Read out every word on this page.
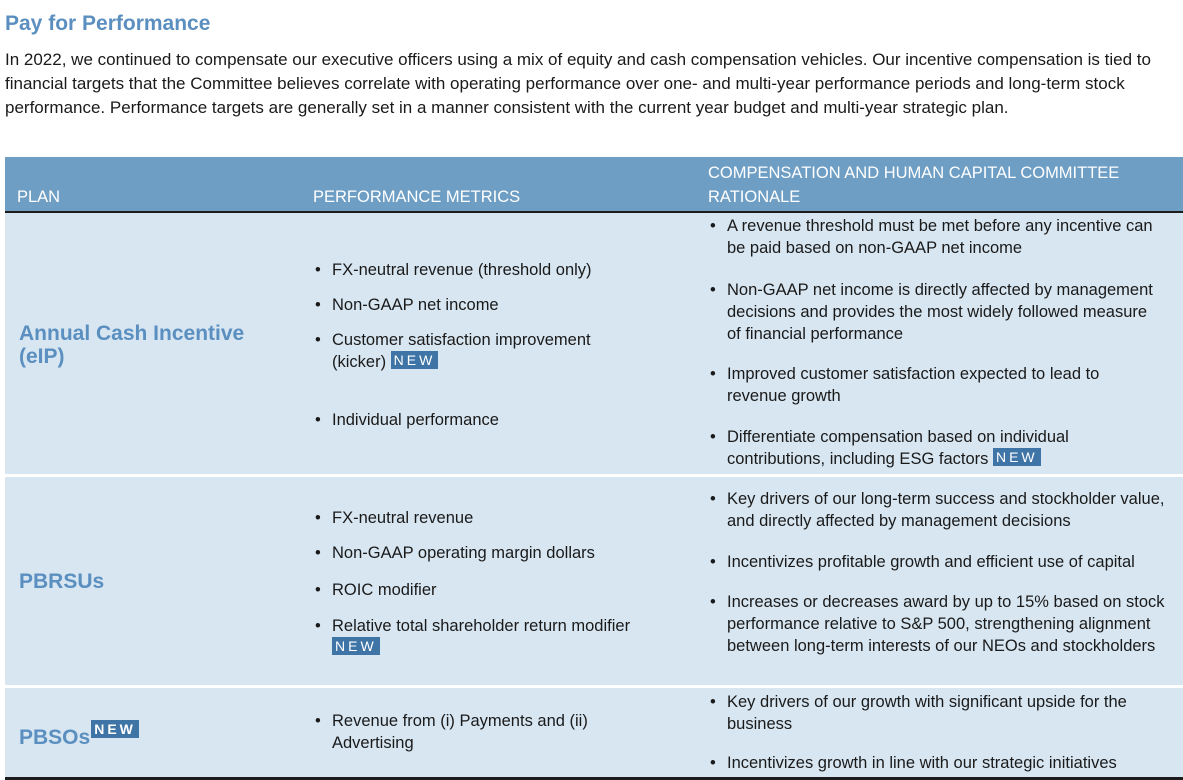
Pay for Performance

In 2022, we continued to compensate our executive officers using a mix of equity and cash compensation vehicles. Our incentive compensation is tied to financial targets that the Committee believes correlate with operating performance over one- and multi-year performance periods and long-term stock performance. Performance targets are generally set in a manner consistent with the current year budget and multi-year strategic plan.

PLAN	PERFORMANCE METRICS
COMPENSATION AND HUMAN CAPITAL COMMITTEE
RATIONALE
Annual Cash Incentive
(eIP)
• FX-neutral revenue (threshold only)
• Non-GAAP net income
• Customer satisfaction improvement (kicker) NEW
• Individual performance
• A revenue threshold must be met before any incentive can be paid based on non-GAAP net income
• Non-GAAP net income is directly affected by management decisions and provides the most widely followed measure of financial performance
• Improved customer satisfaction expected to lead to revenue growth
• Differentiate compensation based on individual contributions, including ESG factors NEW
PBRSUs
• FX-neutral revenue
• Non-GAAP operating margin dollars
• ROIC modifier
• Relative total shareholder return modifier NEW
• Key drivers of our long-term success and stockholder value, and directly affected by management decisions
• Incentivizes profitable growth and efficient use of capital
• Increases or decreases award by up to 15% based on stock performance relative to S&P 500, strengthening alignment between long-term interests of our NEOs and stockholders
PBSOs NEW
•	Revenue from (i) Payments and (ii) Advertising
• Key drivers of our growth with significant upside for the business
• Incentivizes growth in line with our strategic initiatives
